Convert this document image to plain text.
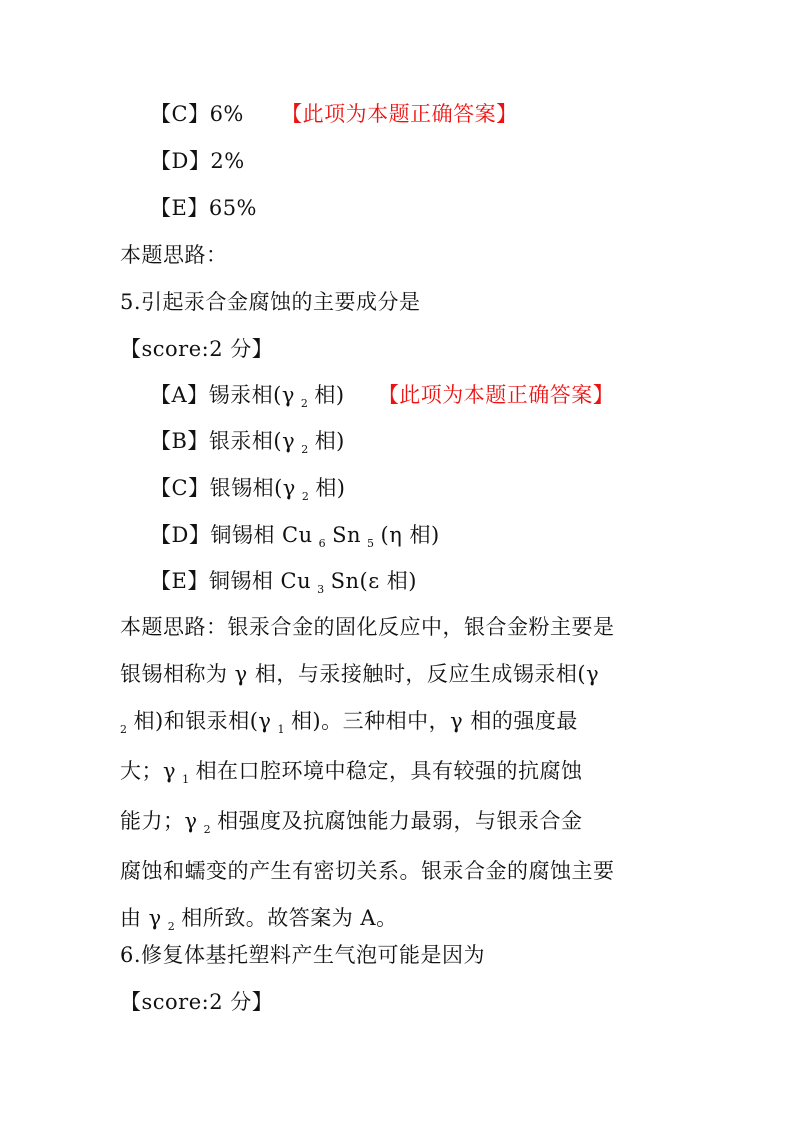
【C】6% 【此项为本题正确答案】
【D】2%
【E】65%
本题思路：
5.引起汞合金腐蚀的主要成分是
【score:2 分】
【A】锡汞相(γ $_2$ 相) 【此项为本题正确答案】
【B】银汞相(γ $_2$ 相)
【C】银锡相(γ $_2$ 相)
【D】铜锡相 Cu $_6$ Sn $_5$ (η 相)
【E】铜锡相 Cu $_3$ Sn(ε 相)
本题思路：银汞合金的固化反应中，银合金粉主要是
银锡相称为 γ 相，与汞接触时，反应生成锡汞相(γ
$_2$ 相)和银汞相(γ $_1$ 相)。三种相中，γ 相的强度最
大；γ $_1$ 相在口腔环境中稳定，具有较强的抗腐蚀
能力；γ $_2$ 相强度及抗腐蚀能力最弱，与银汞合金
腐蚀和蠕变的产生有密切关系。银汞合金的腐蚀主要
由 γ $_2$ 相所致。故答案为 A。
6.修复体基托塑料产生气泡可能是因为
【score:2 分】
